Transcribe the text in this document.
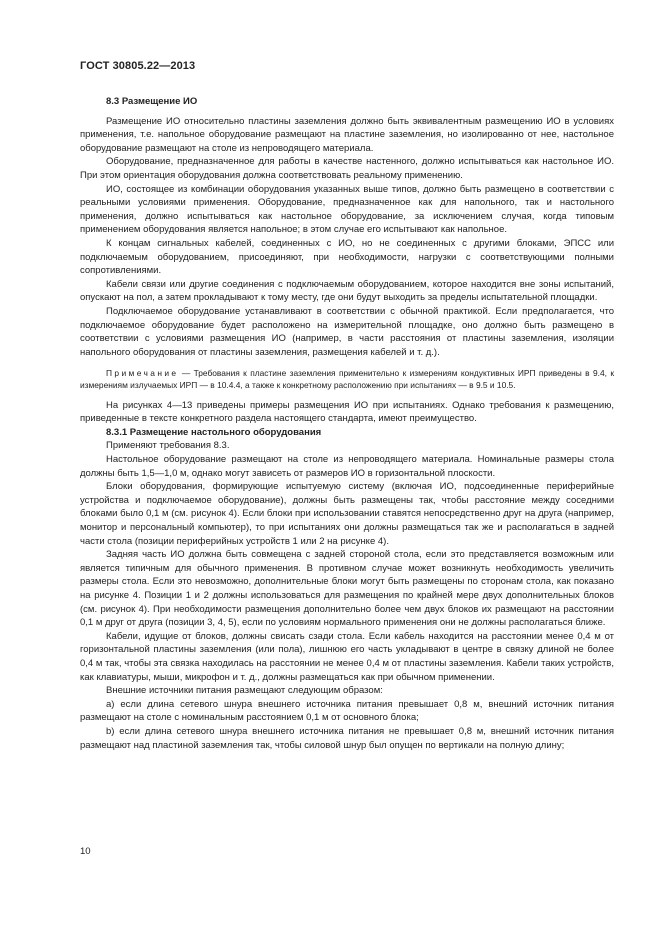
ГОСТ 30805.22—2013
8.3 Размещение ИО

Размещение ИО относительно пластины заземления должно быть эквивалентным размещению ИО в условиях применения, т.е. напольное оборудование размещают на пластине заземления, но изолированно от нее, настольное оборудование размещают на столе из непроводящего материала.

Оборудование, предназначенное для работы в качестве настенного, должно испытываться как настольное ИО. При этом ориентация оборудования должна соответствовать реальному применению.

ИО, состоящее из комбинации оборудования указанных выше типов, должно быть размещено в соответствии с реальными условиями применения. Оборудование, предназначенное как для напольного, так и настольного применения, должно испытываться как настольное оборудование, за исключением случая, когда типовым применением оборудования является напольное; в этом случае его испытывают как напольное.

К концам сигнальных кабелей, соединенных с ИО, но не соединенных с другими блоками, ЭПСС или подключаемым оборудованием, присоединяют, при необходимости, нагрузки с соответствующими полными сопротивлениями.

Кабели связи или другие соединения с подключаемым оборудованием, которое находится вне зоны испытаний, опускают на пол, а затем прокладывают к тому месту, где они будут выходить за пределы испытательной площадки.

Подключаемое оборудование устанавливают в соответствии с обычной практикой. Если предполагается, что подключаемое оборудование будет расположено на измерительной площадке, оно должно быть размещено в соответствии с условиями размещения ИО (например, в части расстояния от пластины заземления, изоляции напольного оборудования от пластины заземления, размещения кабелей и т. д.).

Примечание — Требования к пластине заземления применительно к измерениям кондуктивных ИРП приведены в 9.4, к измерениям излучаемых ИРП — в 10.4.4, а также к конкретному расположению при испытаниях — в 9.5 и 10.5.

На рисунках 4—13 приведены примеры размещения ИО при испытаниях. Однако требования к размещению, приведенные в тексте конкретного раздела настоящего стандарта, имеют преимущество.

8.3.1 Размещение настольного оборудования

Применяют требования 8.3.

Настольное оборудование размещают на столе из непроводящего материала. Номинальные размеры стола должны быть 1,5—1,0 м, однако могут зависеть от размеров ИО в горизонтальной плоскости.

Блоки оборудования, формирующие испытуемую систему (включая ИО, подсоединенные периферийные устройства и подключаемое оборудование), должны быть размещены так, чтобы расстояние между соседними блоками было 0,1 м (см. рисунок 4). Если блоки при использовании ставятся непосредственно друг на друга (например, монитор и персональный компьютер), то при испытаниях они должны размещаться так же и располагаться в задней части стола (позиции периферийных устройств 1 или 2 на рисунке 4).

Задняя часть ИО должна быть совмещена с задней стороной стола, если это представляется возможным или является типичным для обычного применения. В противном случае может возникнуть необходимость увеличить размеры стола. Если это невозможно, дополнительные блоки могут быть размещены по сторонам стола, как показано на рисунке 4. Позиции 1 и 2 должны использоваться для размещения по крайней мере двух дополнительных блоков (см. рисунок 4). При необходимости размещения дополнительно более чем двух блоков их размещают на расстоянии 0,1 м друг от друга (позиции 3, 4, 5), если по условиям нормального применения они не должны располагаться ближе.

Кабели, идущие от блоков, должны свисать сзади стола. Если кабель находится на расстоянии менее 0,4 м от горизонтальной пластины заземления (или пола), лишнюю его часть укладывают в центре в связку длиной не более 0,4 м так, чтобы эта связка находилась на расстоянии не менее 0,4 м от пластины заземления. Кабели таких устройств, как клавиатуры, мыши, микрофон и т. д., должны размещаться как при обычном применении.

Внешние источники питания размещают следующим образом:

a) если длина сетевого шнура внешнего источника питания превышает 0,8 м, внешний источник питания размещают на столе с номинальным расстоянием 0,1 м от основного блока;

b) если длина сетевого шнура внешнего источника питания не превышает 0,8 м, внешний источник питания размещают над пластиной заземления так, чтобы силовой шнур был опущен по вертикали на полную длину;

10
